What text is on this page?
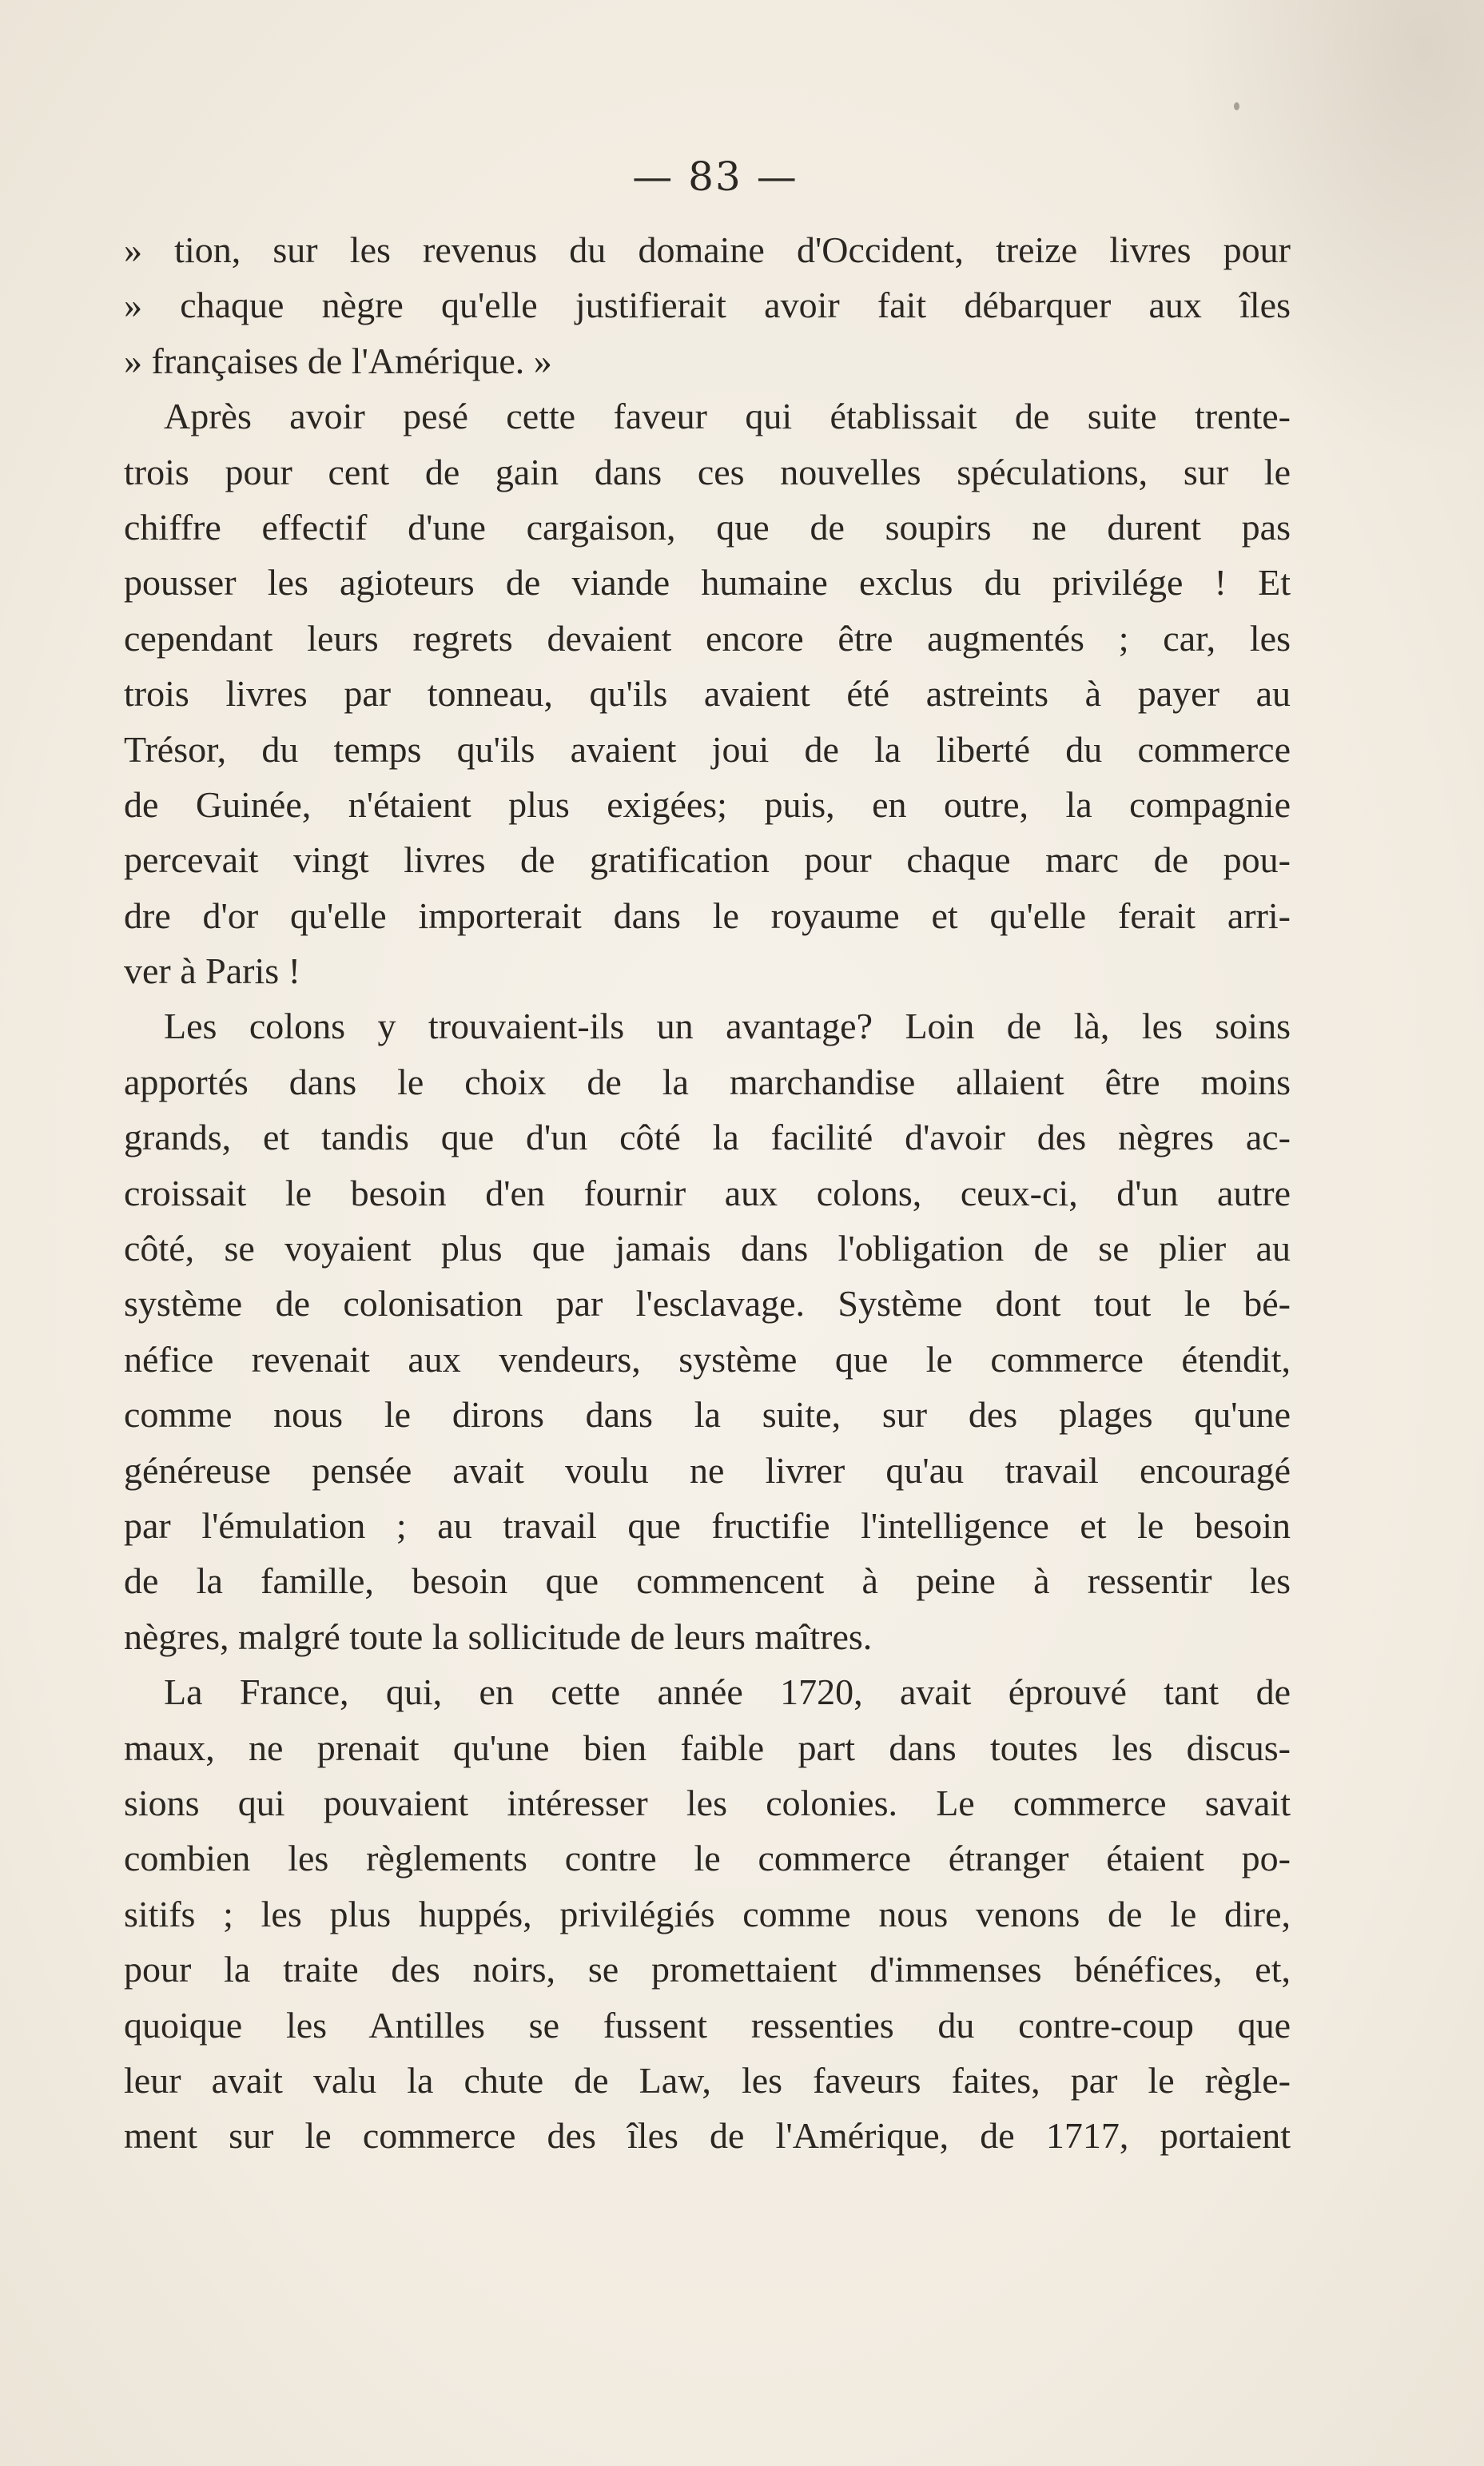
— 83 —
» tion, sur les revenus du domaine d'Occident, treize livres pour
» chaque nègre qu'elle justifierait avoir fait débarquer aux îles
» françaises de l'Amérique. »
Après avoir pesé cette faveur qui établissait de suite trente-
trois pour cent de gain dans ces nouvelles spéculations, sur le
chiffre effectif d'une cargaison, que de soupirs ne durent pas
pousser les agioteurs de viande humaine exclus du privilége ! Et
cependant leurs regrets devaient encore être augmentés ; car, les
trois livres par tonneau, qu'ils avaient été astreints à payer au
Trésor, du temps qu'ils avaient joui de la liberté du commerce
de Guinée, n'étaient plus exigées; puis, en outre, la compagnie
percevait vingt livres de gratification pour chaque marc de pou-
dre d'or qu'elle importerait dans le royaume et qu'elle ferait arri-
ver à Paris !
Les colons y trouvaient-ils un avantage? Loin de là, les soins
apportés dans le choix de la marchandise allaient être moins
grands, et tandis que d'un côté la facilité d'avoir des nègres ac-
croissait le besoin d'en fournir aux colons, ceux-ci, d'un autre
côté, se voyaient plus que jamais dans l'obligation de se plier au
système de colonisation par l'esclavage. Système dont tout le bé-
néfice revenait aux vendeurs, système que le commerce étendit,
comme nous le dirons dans la suite, sur des plages qu'une
généreuse pensée avait voulu ne livrer qu'au travail encouragé
par l'émulation ; au travail que fructifie l'intelligence et le besoin
de la famille, besoin que commencent à peine à ressentir les
nègres, malgré toute la sollicitude de leurs maîtres.
La France, qui, en cette année 1720, avait éprouvé tant de
maux, ne prenait qu'une bien faible part dans toutes les discus-
sions qui pouvaient intéresser les colonies. Le commerce savait
combien les règlements contre le commerce étranger étaient po-
sitifs ; les plus huppés, privilégiés comme nous venons de le dire,
pour la traite des noirs, se promettaient d'immenses bénéfices, et,
quoique les Antilles se fussent ressenties du contre-coup que
leur avait valu la chute de Law, les faveurs faites, par le règle-
ment sur le commerce des îles de l'Amérique, de 1717, portaient
